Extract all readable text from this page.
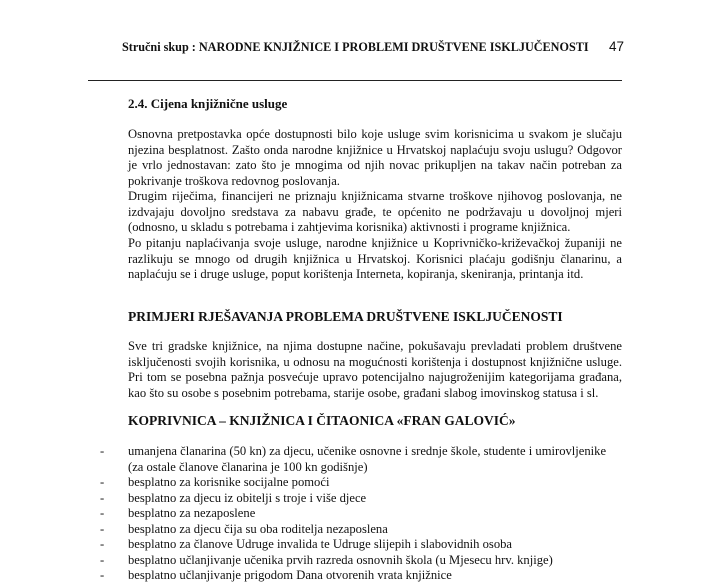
Stručni skup : NARODNE KNJIŽNICE I PROBLEMI DRUŠTVENE ISKLJUČENOSTI 47
2.4. Cijena knjižnične usluge
Osnovna pretpostavka opće dostupnosti bilo koje usluge svim korisnicima u svakom je slučaju njezina besplatnost. Zašto onda narodne knjižnice u Hrvatskoj naplaćuju svoju uslugu? Odgovor je vrlo jednostavan: zato što je mnogima od njih novac prikupljen na takav način potreban za pokrivanje troškova redovnog poslovanja.
Drugim riječima, financijeri ne priznaju knjižnicama stvarne troškove njihovog poslovanja, ne izdvajaju dovoljno sredstava za nabavu građe, te općenito ne podržavaju u dovoljnoj mjeri (odnosno, u skladu s potrebama i zahtjevima korisnika) aktivnosti i programe knjižnica.
Po pitanju naplaćivanja svoje usluge, narodne knjižnice u Koprivničko-križevačkoj županiji ne razlikuju se mnogo od drugih knjižnica u Hrvatskoj. Korisnici plaćaju godišnju članarinu, a naplaćuju se i druge usluge, poput korištenja Interneta, kopiranja, skeniranja, printanja itd.
PRIMJERI RJEŠAVANJA PROBLEMA DRUŠTVENE ISKLJUČENOSTI
Sve tri gradske knjižnice, na njima dostupne načine, pokušavaju prevladati problem društvene isključenosti svojih korisnika, u odnosu na mogućnosti korištenja i dostupnost knjižnične usluge. Pri tom se posebna pažnja posvećuje upravo potencijalno najugroženijim kategorijama građana, kao što su osobe s posebnim potrebama, starije osobe, građani slabog imovinskog statusa i sl.
KOPRIVNICA – KNJIŽNICA I ČITAONICA «FRAN GALOVIĆ»
- umanjena članarina (50 kn) za djecu, učenike osnovne i srednje škole, studente i umirovljenike (za ostale članove članarina je 100 kn godišnje)
- besplatno za korisnike socijalne pomoći
- besplatno za djecu iz obitelji s troje i više djece
- besplatno za nezaposlene
- besplatno za djecu čija su oba roditelja nezaposlena
- besplatno za članove Udruge invalida te Udruge slijepih i slabovidnih osoba
- besplatno učlanjivanje učenika prvih razreda osnovnih škola (u Mjesecu hrv. knjige)
- besplatno učlanjivanje prigodom Dana otvorenih vrata knjižnice
